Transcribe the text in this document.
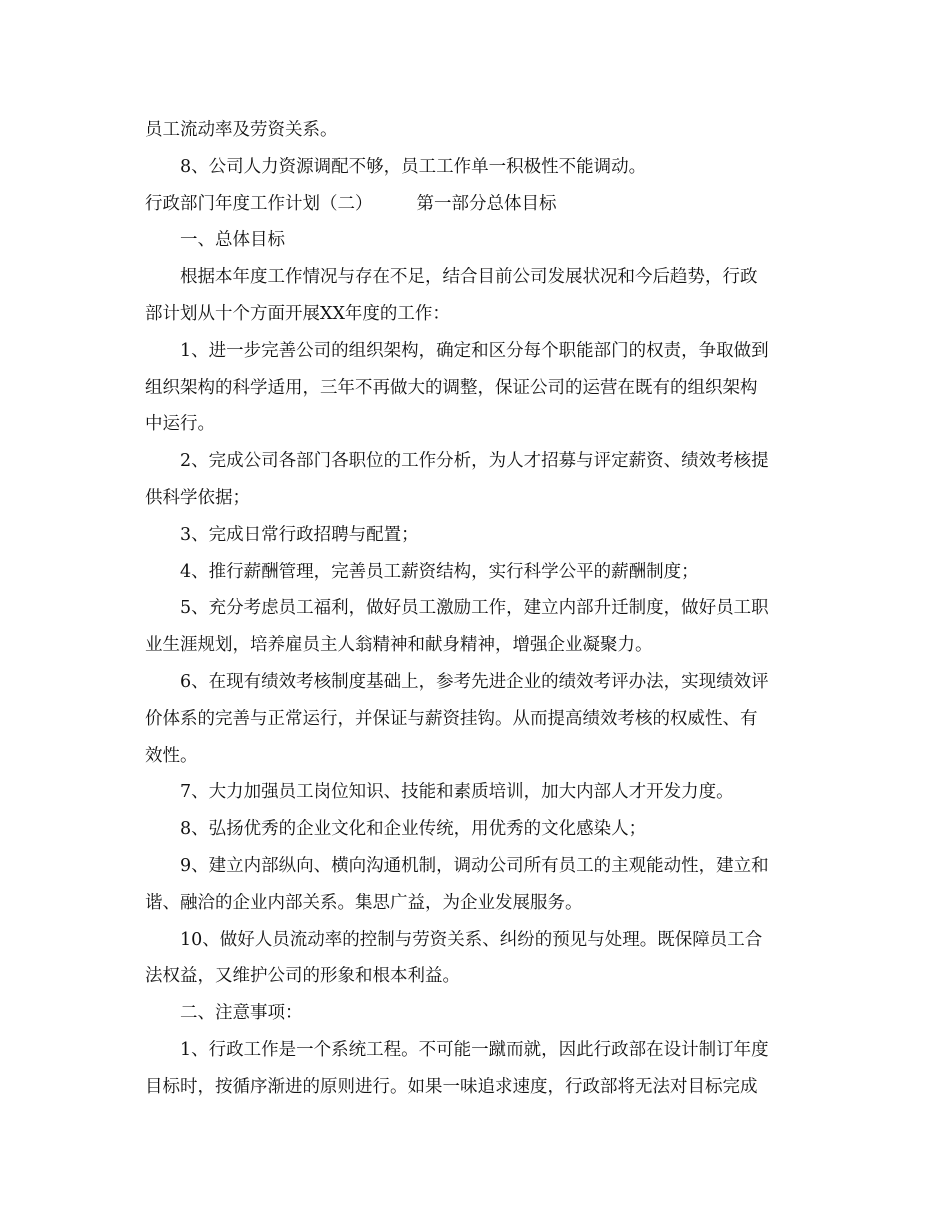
员工流动率及劳资关系。
8、公司人力资源调配不够，员工工作单一积极性不能调动。
行政部门年度工作计划（二）	第一部分总体目标
一、总体目标
根据本年度工作情况与存在不足，结合目前公司发展状况和今后趋势，行政
部计划从十个方面开展XX年度的工作：
1、进一步完善公司的组织架构，确定和区分每个职能部门的权责，争取做到
组织架构的科学适用，三年不再做大的调整，保证公司的运营在既有的组织架构
中运行。
2、完成公司各部门各职位的工作分析，为人才招募与评定薪资、绩效考核提
供科学依据；
3、完成日常行政招聘与配置；
4、推行薪酬管理，完善员工薪资结构，实行科学公平的薪酬制度；
5、充分考虑员工福利，做好员工激励工作，建立内部升迁制度，做好员工职
业生涯规划，培养雇员主人翁精神和献身精神，增强企业凝聚力。
6、在现有绩效考核制度基础上，参考先进企业的绩效考评办法，实现绩效评
价体系的完善与正常运行，并保证与薪资挂钩。从而提高绩效考核的权威性、有
效性。
7、大力加强员工岗位知识、技能和素质培训，加大内部人才开发力度。
8、弘扬优秀的企业文化和企业传统，用优秀的文化感染人；
9、建立内部纵向、横向沟通机制，调动公司所有员工的主观能动性，建立和
谐、融洽的企业内部关系。集思广益，为企业发展服务。
10、做好人员流动率的控制与劳资关系、纠纷的预见与处理。既保障员工合
法权益，又维护公司的形象和根本利益。
二、注意事项：
1、行政工作是一个系统工程。不可能一蹴而就，因此行政部在设计制订年度
目标时，按循序渐进的原则进行。如果一味追求速度，行政部将无法对目标完成
